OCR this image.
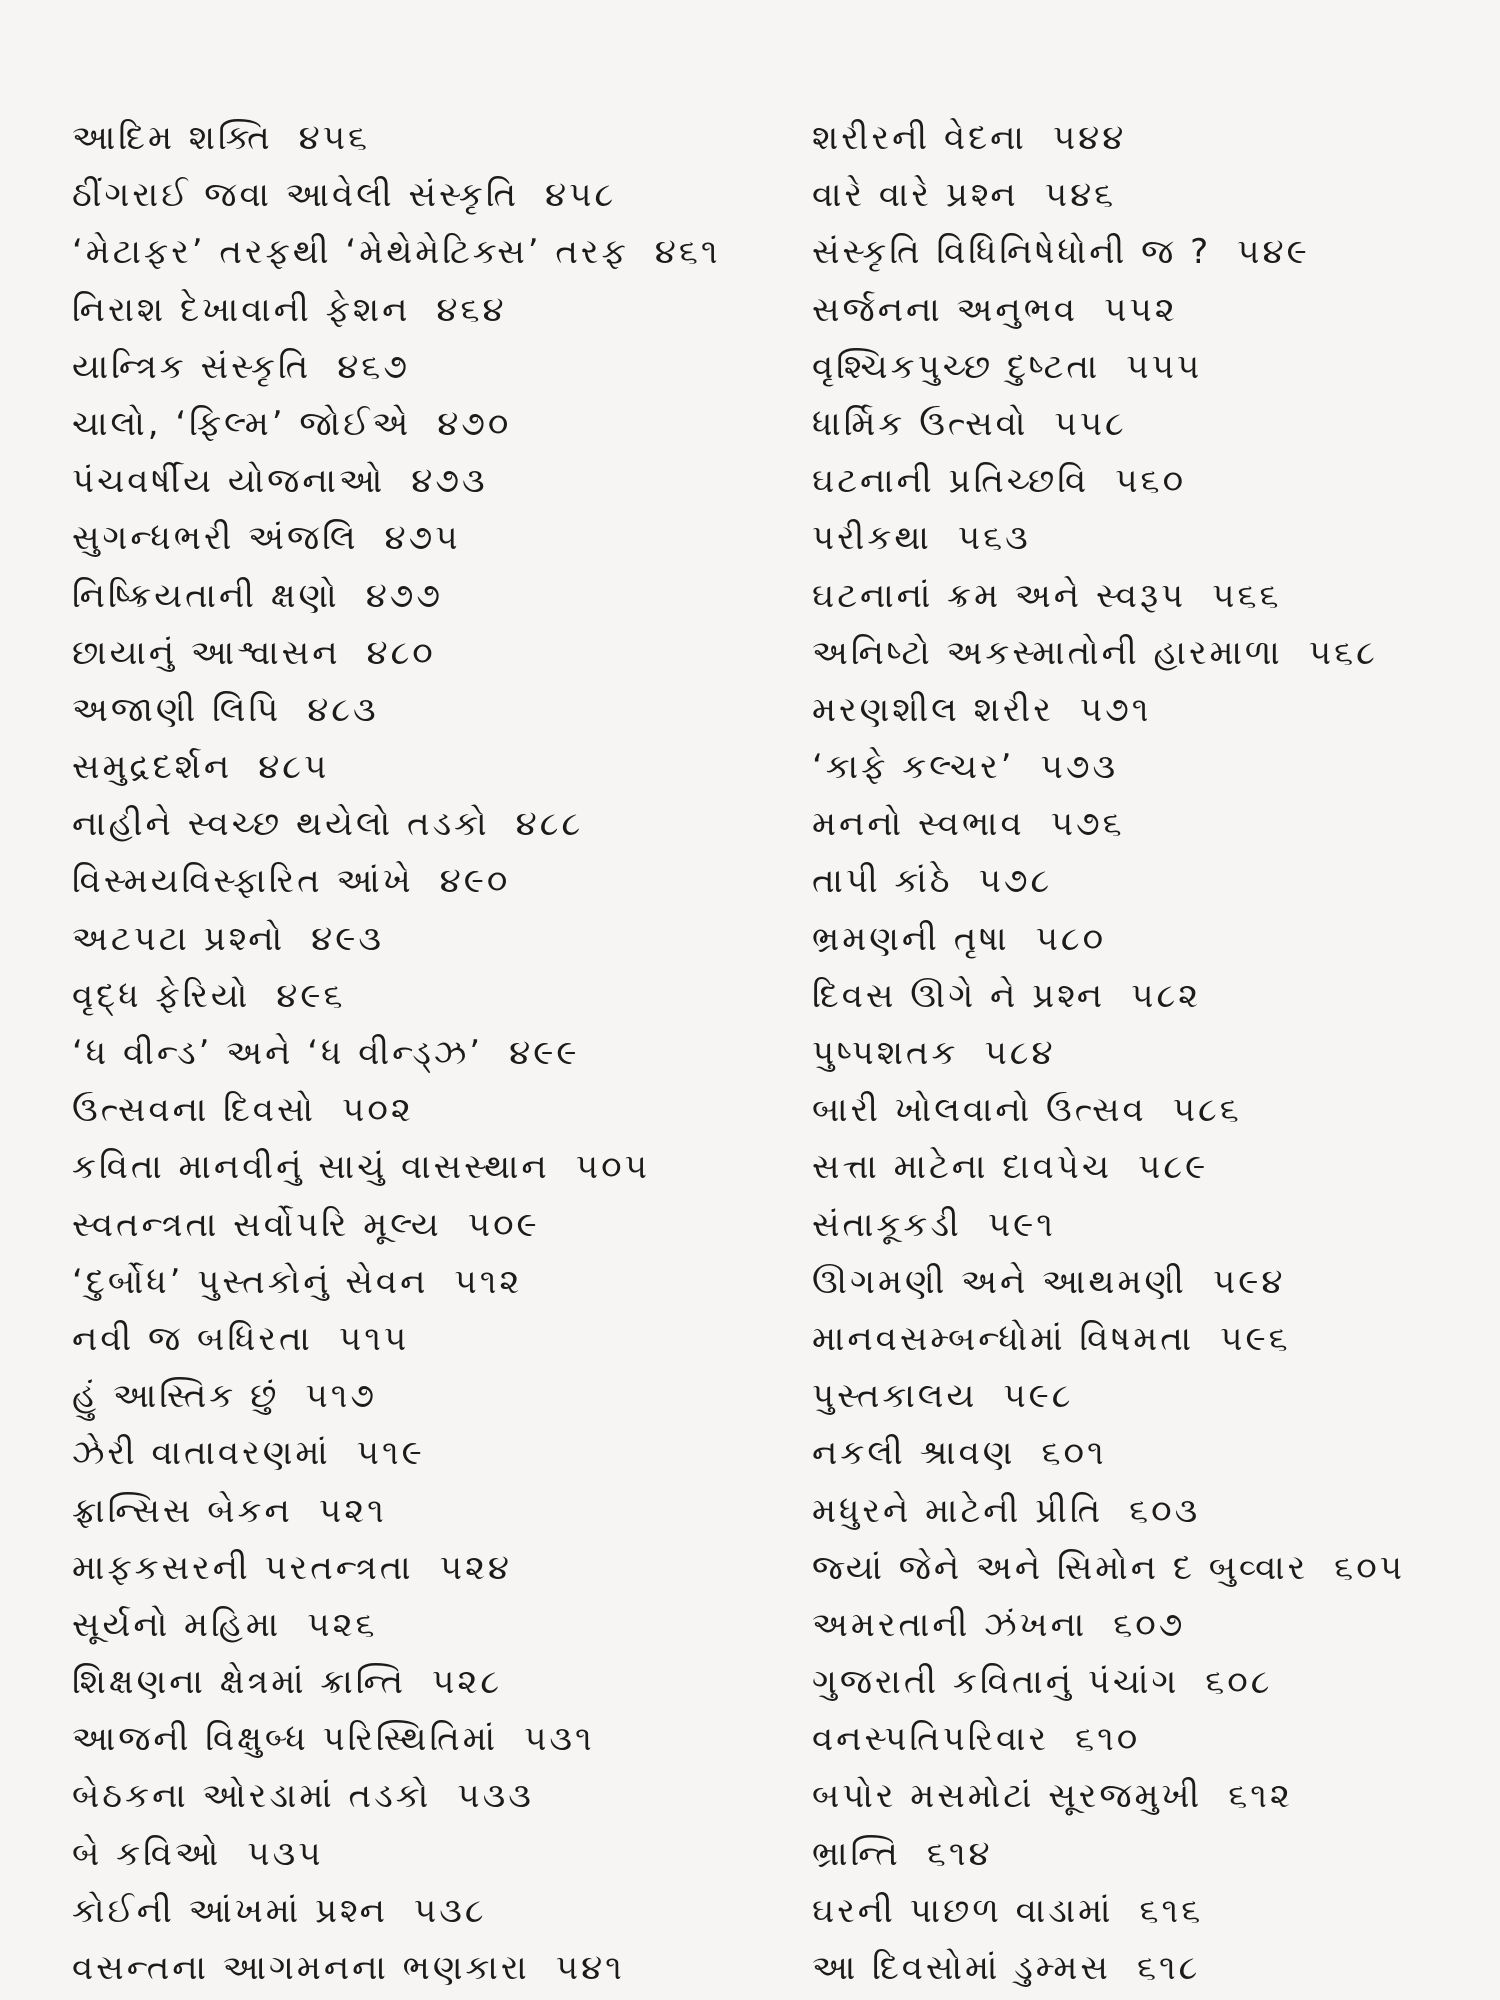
આદિમ શક્તિ ૪૫૬
ઠીંગરાઈ જવા આવેલી સંસ્કૃતિ ૪૫૮
‘મેટાફર’ તરફથી ‘મેથેમેટિક્સ’ તરફ ૪૬૧
નિરાશ દેખાવાની ફેશન ૪૬૪
યાન્ત્રિક સંસ્કૃતિ ૪૬૭
ચાલો, ‘ફિલ્મ’ જોઈએ ૪૭૦
પંચવર્ષીય યોજનાઓ ૪૭૩
સુગન્ધભરી અંજલિ ૪૭૫
નિષ્ક્રિયતાની ક્ષણો ૪૭૭
છાયાનું આશ્વાસન ૪૮૦
અજાણી લિપિ ૪૮૩
સમુદ્રદર્શન ૪૮૫
નાહીને સ્વચ્છ થયેલો તડકો ૪૮૮
વિસ્મયવિસ્ફારિત આંખે ૪૯૦
અટપટા પ્રશ્નો ૪૯૩
વૃદ્ધ ફેરિયો ૪૯૬
‘ધ વીન્ડ’ અને ‘ધ વીન્ડ્ઝ’ ૪૯૯
ઉત્સવના દિવસો ૫૦૨
કવિતા માનવીનું સાચું વાસસ્થાન ૫૦૫
સ્વતન્ત્રતા સર્વોપરિ મૂલ્ય ૫૦૯
‘દુર્બોધ’ પુસ્તકોનું સેવન ૫૧૨
નવી જ બધિરતા ૫૧૫
હું આસ્તિક છું ૫૧૭
ઝેરી વાતાવરણમાં ૫૧૯
ફ્રાન્સિસ બેકન ૫૨૧
માફકસરની પરતન્ત્રતા ૫૨૪
સૂર્યનો મહિમા ૫૨૬
શિક્ષણના ક્ષેત્રમાં ક્રાન્તિ ૫૨૮
આજની વિક્ષુબ્ધ પરિસ્થિતિમાં ૫૩૧
બેઠકના ઓરડામાં તડકો ૫૩૩
બે કવિઓ ૫૩૫
કોઈની આંખમાં પ્રશ્ન ૫૩૮
વસન્તના આગમનના ભણકારા ૫૪૧
શરીરની વેદના ૫૪૪
વારે વારે પ્રશ્ન ૫૪૬
સંસ્કૃતિ વિધિનિષેધોની જ ? ૫૪૯
સર્જનના અનુભવ ૫૫૨
વૃશ્ચિકપુચ્છ દુષ્ટતા ૫૫૫
ધાર્મિક ઉત્સવો ૫૫૮
ઘટનાની પ્રતિચ્છવિ ૫૬૦
પરીકથા ૫૬૩
ઘટનાનાં ક્રમ અને સ્વરૂપ ૫૬૬
અનિષ્ટો અકસ્માતોની હારમાળા ૫૬૮
મરણશીલ શરીર ૫૭૧
‘કાફે કલ્ચર’ ૫૭૩
મનનો સ્વભાવ ૫૭૬
તાપી કાંઠે ૫૭૮
ભ્રમણની તૃષા ૫૮૦
દિવસ ઊગે ને પ્રશ્ન ૫૮૨
પુષ્પશતક ૫૮૪
બારી ખોલવાનો ઉત્સવ ૫૮૬
સત્તા માટેના દાવપેચ ૫૮૯
સંતાકૂકડી ૫૯૧
ઊગમણી અને આથમણી ૫૯૪
માનવસમ્બન્ધોમાં વિષમતા ૫૯૬
પુસ્તકાલય ૫૯૮
નકલી શ્રાવણ ૬૦૧
મધુરને માટેની પ્રીતિ ૬૦૩
જ્યાં જેને અને સિમોન દ બુવ્વાર ૬૦૫
અમરતાની ઝંખના ૬૦૭
ગુજરાતી કવિતાનું પંચાંગ ૬૦૮
વનસ્પતિપરિવાર ૬૧૦
બપોર મસમોટાં સૂરજમુખી ૬૧૨
ભ્રાન્તિ ૬૧૪
ઘરની પાછળ વાડામાં ૬૧૬
આ દિવસોમાં ડુમ્મસ ૬૧૮
